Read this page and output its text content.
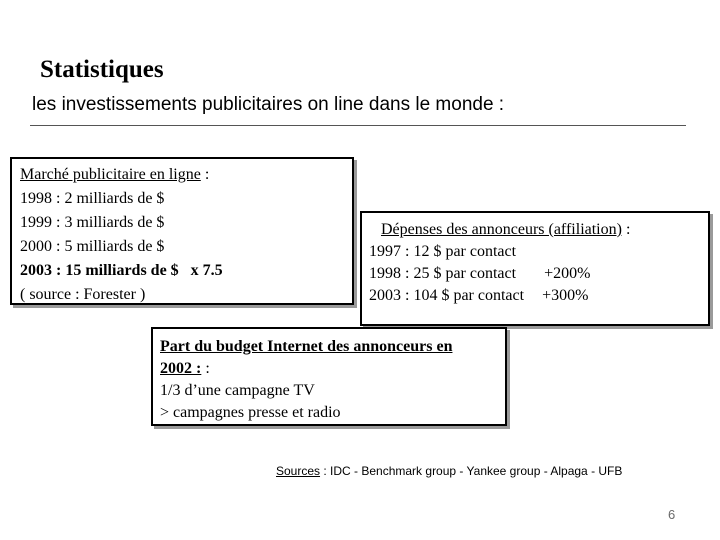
Statistiques
les investissements publicitaires on line dans le monde :
Marché publicitaire en ligne :
1998 : 2 milliards de $
1999 : 3 milliards de $
2000 : 5 milliards de $
2003 : 15 milliards de $ x 7.5
( source : Forester )
Dépenses des annonceurs (affiliation) :
1997 : 12 $ par contact
1998 : 25 $ par contact +200%
2003 : 104 $ par contact +300%
Part du budget Internet des annonceurs en
2002 : :
1/3 d’une campagne TV
> campagnes presse et radio
Sources : IDC - Benchmark group - Yankee group - Alpaga - UFB
6
